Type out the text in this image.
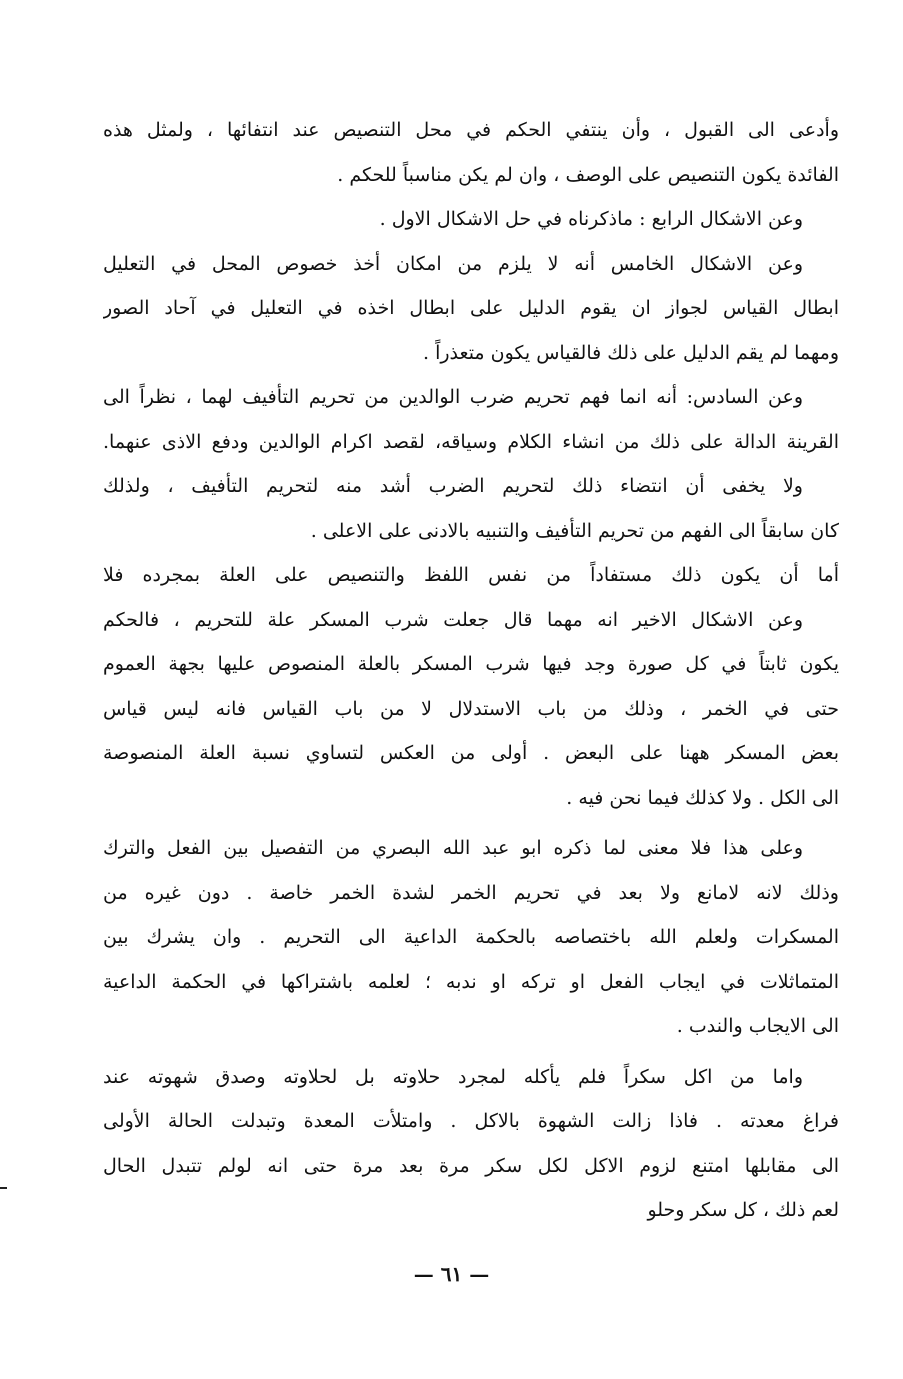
وأدعى الى القبول ، وأن ينتفي الحكم في محل التنصيص عند انتفائها ، ولمثل هذه
الفائدة يكون التنصيص على الوصف ، وان لم يكن مناسباً للحكم .
وعن الاشكال الرابع : ماذكرناه في حل الاشكال الاول .
وعن الاشكال الخامس أنه لا يلزم من امكان أخذ خصوص المحل في التعليل
ابطال القياس لجواز ان يقوم الدليل على ابطال اخذه في التعليل في آحاد الصور
ومهما لم يقم الدليل على ذلك فالقياس يكون متعذراً .
وعن السادس: أنه انما فهم تحريم ضرب الوالدين من تحريم التأفيف لهما ، نظراً الى
القرينة الدالة على ذلك من انشاء الكلام وسياقه، لقصد اكرام الوالدين ودفع الاذى عنهما.
ولا يخفى أن انتضاء ذلك لتحريم الضرب أشد منه لتحريم التأفيف ، ولذلك
كان سابقاً الى الفهم من تحريم التأفيف والتنبيه بالادنى على الاعلى .
أما أن يكون ذلك مستفاداً من نفس اللفظ والتنصيص على العلة بمجرده فلا
وعن الاشكال الاخير انه مهما قال جعلت شرب المسكر علة للتحريم ، فالحكم
يكون ثابتاً في كل صورة وجد فيها شرب المسكر بالعلة المنصوص عليها بجهة العموم
حتى في الخمر ، وذلك من باب الاستدلال لا من باب القياس فانه ليس قياس
بعض المسكر ههنا على البعض . أولى من العكس لتساوي نسبة العلة المنصوصة
الى الكل . ولا كذلك فيما نحن فيه .
وعلى هذا فلا معنى لما ذكره ابو عبد الله البصري من التفصيل بين الفعل والترك
وذلك لانه لامانع ولا بعد في تحريم الخمر لشدة الخمر خاصة . دون غيره من
المسكرات ولعلم الله باختصاصه بالحكمة الداعية الى التحريم . وان يشرك بين
المتماثلات في ايجاب الفعل او تركه او ندبه ؛ لعلمه باشتراكها في الحكمة الداعية
الى الايجاب والندب .
واما من اكل سكراً فلم يأكله لمجرد حلاوته بل لحلاوته وصدق شهوته عند
فراغ معدته . فاذا زالت الشهوة بالاكل . وامتلأت المعدة وتبدلت الحالة الأولى
الى مقابلها امتنع لزوم الاكل لكل سكر مرة بعد مرة حتى انه لولم تتبدل الحال
لعم ذلك ، كل سكر وحلو
— ٦١ —
